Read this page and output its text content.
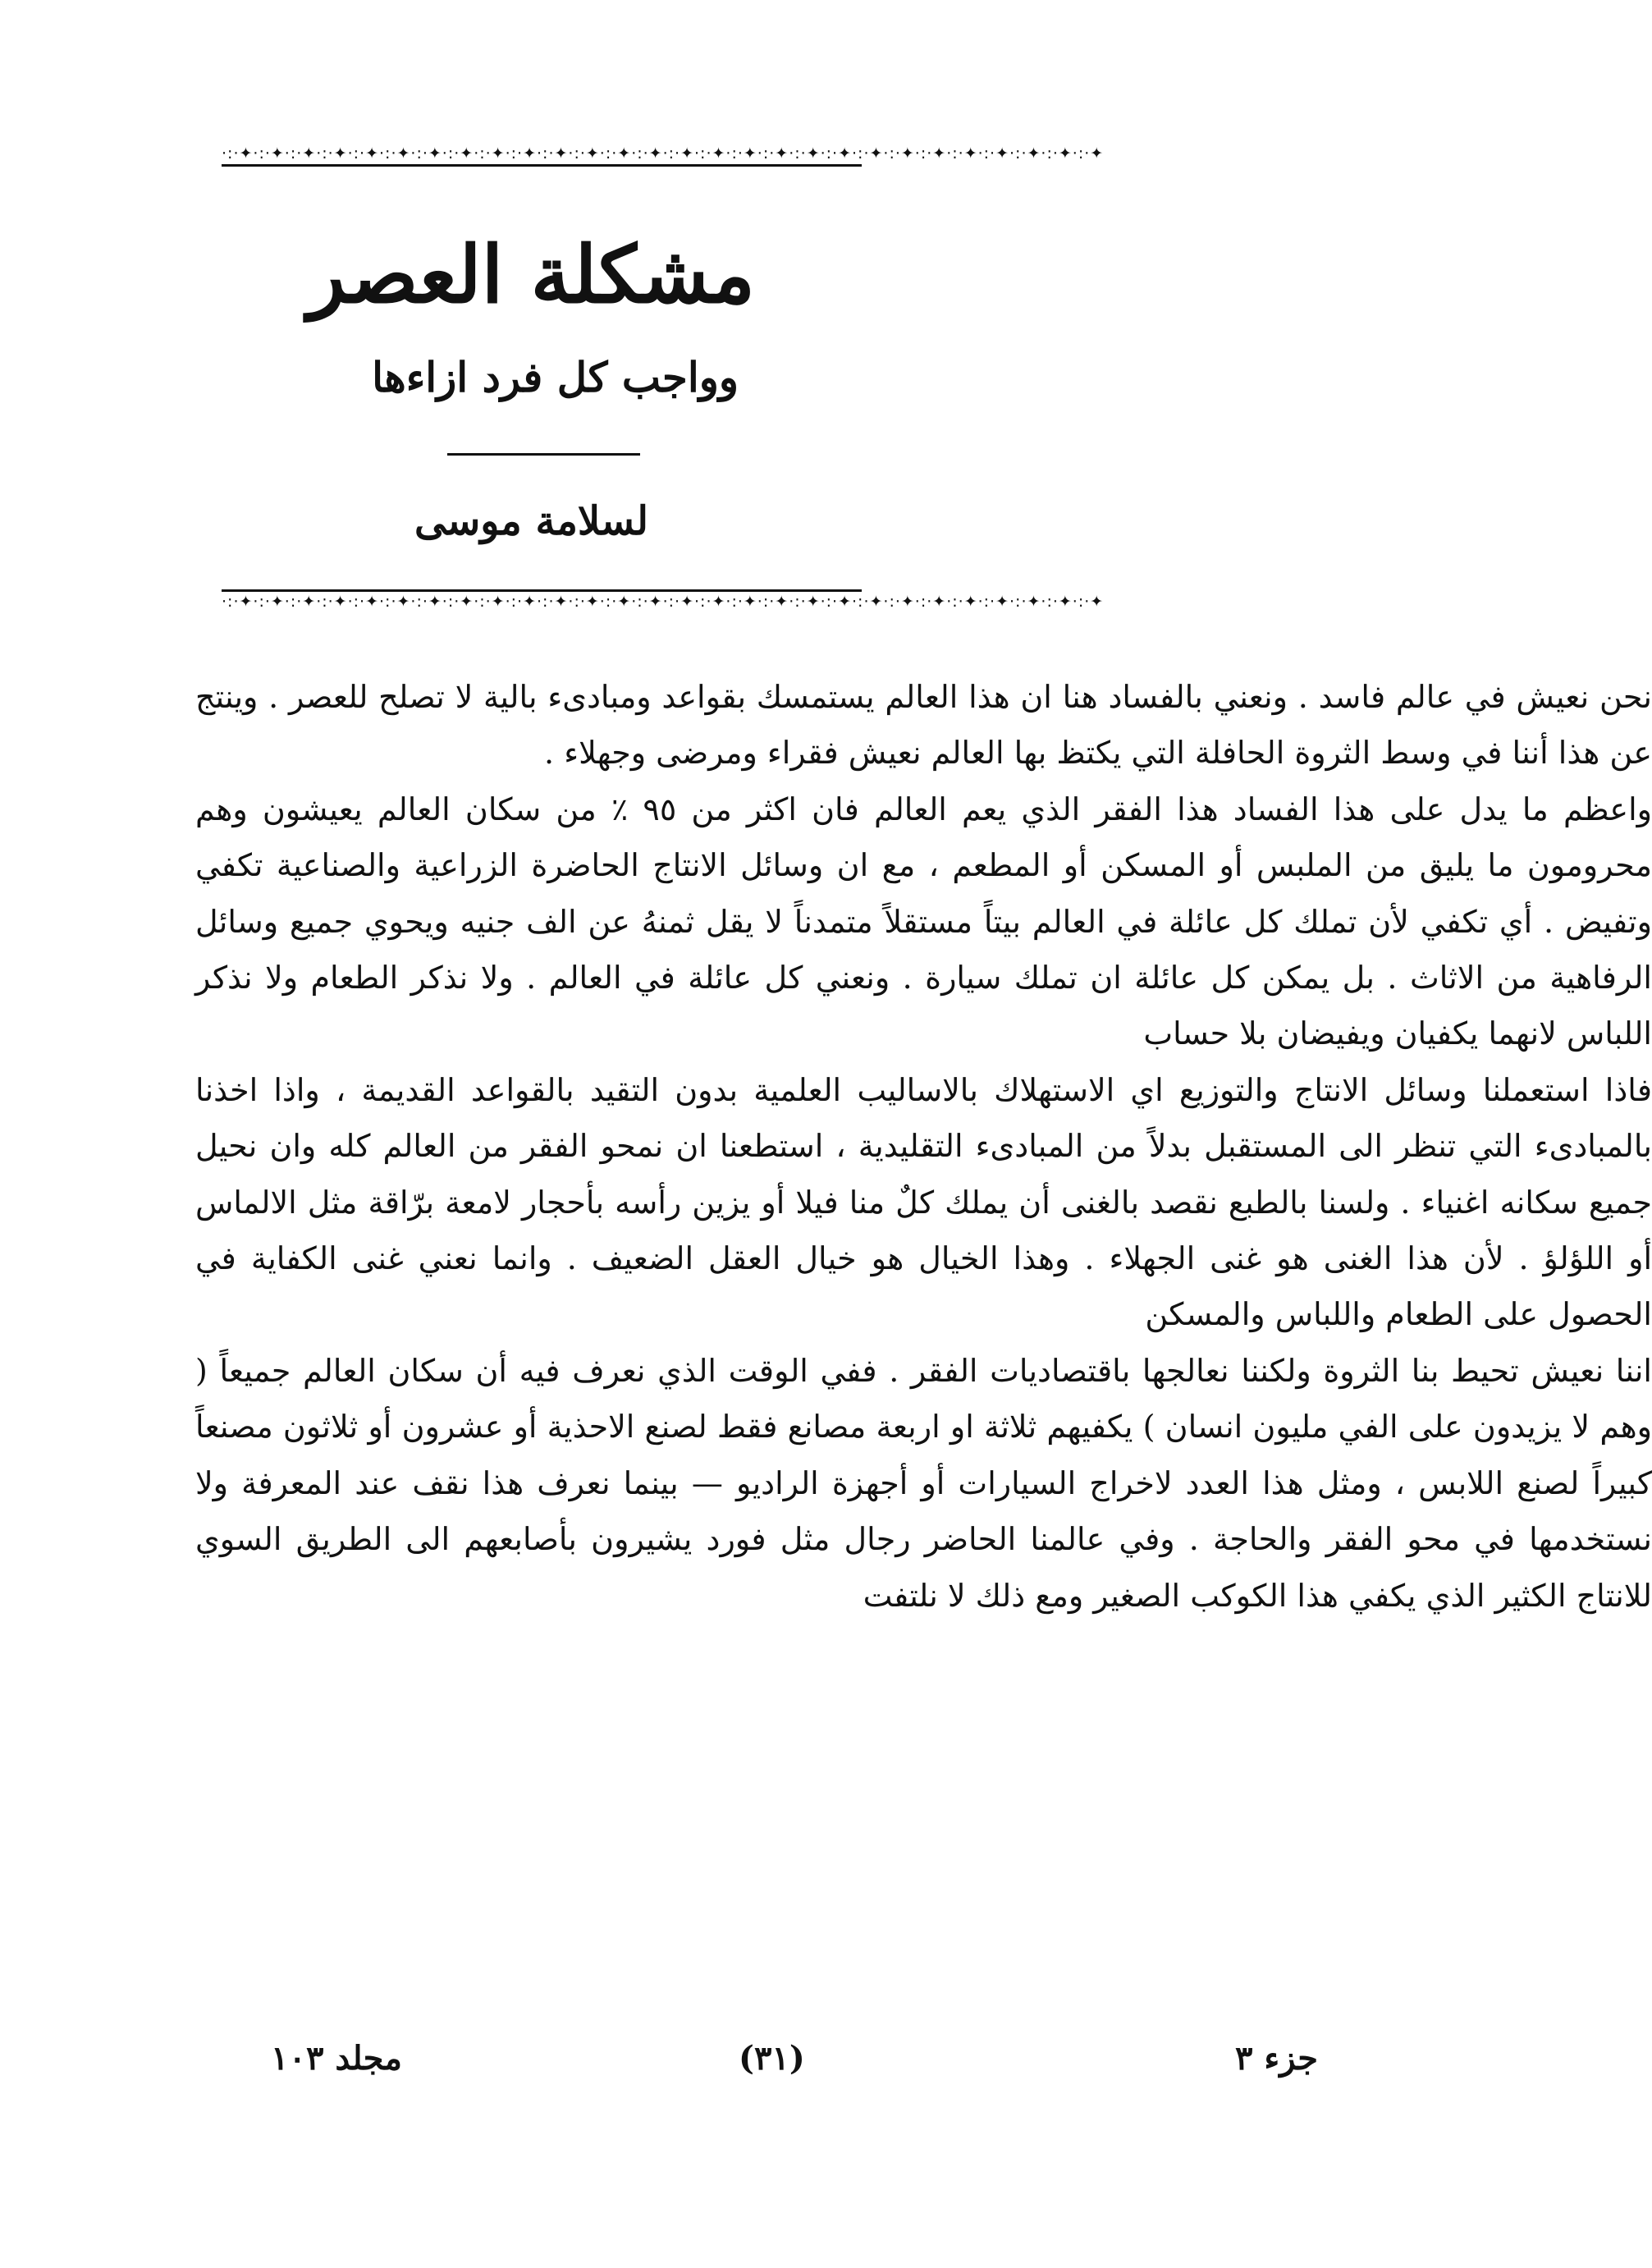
·:·✦·:·✦·:·✦·:·✦·:·✦·:·✦·:·✦·:·✦·:·✦·:·✦·:·✦·:·✦·:·✦·:·✦·:·✦·:·✦·:·✦·:·✦·:·✦·:·✦·:·✦·:·✦·:·✦·:·✦·:·✦·:·✦·:·✦·:·✦
مشكلة العصر
وواجب كل فرد ازاءها
لسلامة موسى
·:·✦·:·✦·:·✦·:·✦·:·✦·:·✦·:·✦·:·✦·:·✦·:·✦·:·✦·:·✦·:·✦·:·✦·:·✦·:·✦·:·✦·:·✦·:·✦·:·✦·:·✦·:·✦·:·✦·:·✦·:·✦·:·✦·:·✦·:·✦

نحن نعيش في عالم فاسد . ونعني بالفساد هنا ان هذا العالم يستمسك بقواعد ومبادىء بالية لا تصلح للعصر . وينتج عن هذا أننا في وسط الثروة الحافلة التي يكتظ بها العالم نعيش فقراء ومرضى وجهلاء .

واعظم ما يدل على هذا الفساد هذا الفقر الذي يعم العالم فان اكثر من ٩٥ ٪ من سكان العالم يعيشون وهم محرومون ما يليق من الملبس أو المسكن أو المطعم ، مع ان وسائل الانتاج الحاضرة الزراعية والصناعية تكفي وتفيض . أي تكفي لأن تملك كل عائلة في العالم بيتاً مستقلاً متمدناً لا يقل ثمنهُ عن الف جنيه ويحوي جميع وسائل الرفاهية من الاثاث . بل يمكن كل عائلة ان تملك سيارة . ونعني كل عائلة في العالم . ولا نذكر الطعام ولا نذكر اللباس لانهما يكفيان ويفيضان بلا حساب

فاذا استعملنا وسائل الانتاج والتوزيع اي الاستهلاك بالاساليب العلمية بدون التقيد بالقواعد القديمة ، واذا اخذنا بالمبادىء التي تنظر الى المستقبل بدلاً من المبادىء التقليدية ، استطعنا ان نمحو الفقر من العالم كله وان نحيل جميع سكانه اغنياء . ولسنا بالطبع نقصد بالغنى أن يملك كلٌ منا فيلا أو يزين رأسه بأحجار لامعة برّاقة مثل الالماس أو اللؤلؤ . لأن هذا الغنى هو غنى الجهلاء . وهذا الخيال هو خيال العقل الضعيف . وانما نعني غنى الكفاية في الحصول على الطعام واللباس والمسكن

اننا نعيش تحيط بنا الثروة ولكننا نعالجها باقتصاديات الفقر . ففي الوقت الذي نعرف فيه أن سكان العالم جميعاً ( وهم لا يزيدون على الفي مليون انسان ) يكفيهم ثلاثة او اربعة مصانع فقط لصنع الاحذية أو عشرون أو ثلاثون مصنعاً كبيراً لصنع اللابس ، ومثل هذا العدد لاخراج السيارات أو أجهزة الراديو — بينما نعرف هذا نقف عند المعرفة ولا نستخدمها في محو الفقر والحاجة . وفي عالمنا الحاضر رجال مثل فورد يشيرون بأصابعهم الى الطريق السوي للانتاج الكثير الذي يكفي هذا الكوكب الصغير ومع ذلك لا نلتفت

مجلد ١٠٣	(٣١)	جزء ٣
